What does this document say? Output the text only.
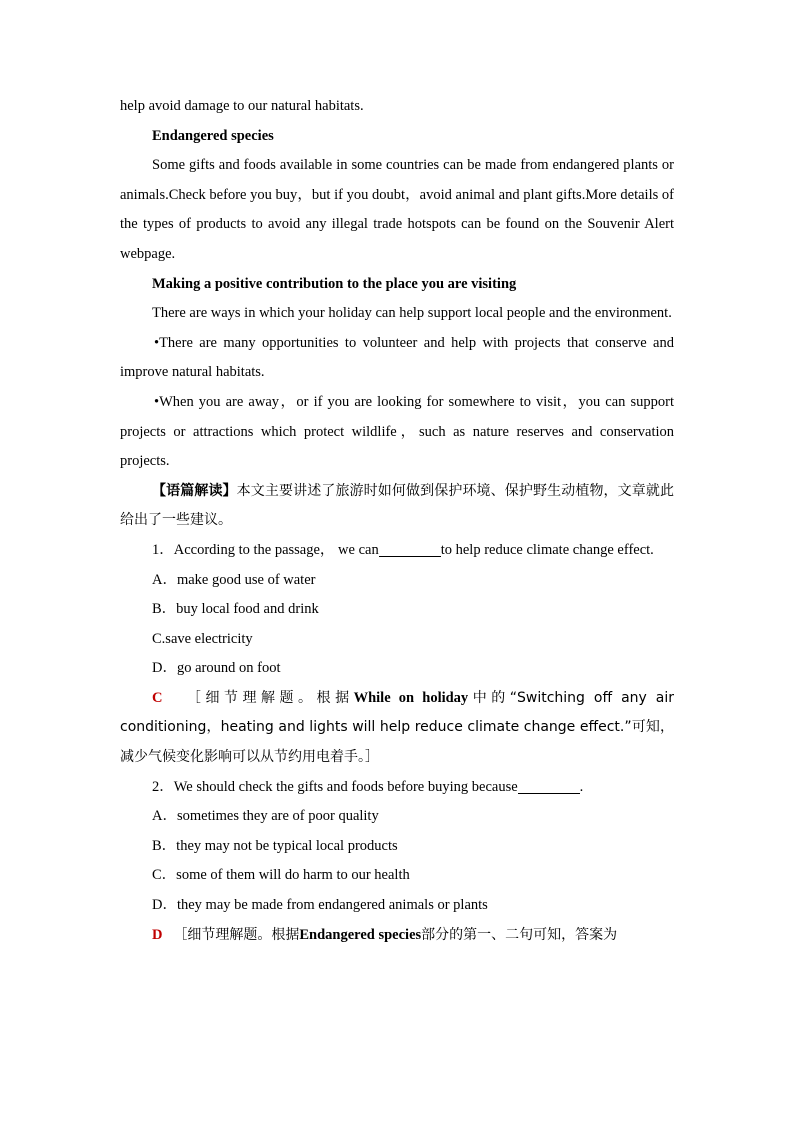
help avoid damage to our natural habitats.

Endangered species

Some gifts and foods available in some countries can be made from endangered plants or animals.Check before you buy，but if you doubt，avoid animal and plant gifts.More details of the types of products to avoid any illegal trade hotspots can be found on the Souvenir Alert webpage.

Making a positive contribution to the place you are visiting

There are ways in which your holiday can help support local people and the environment.

•There are many opportunities to volunteer and help with projects that conserve and improve natural habitats.

•When you are away，or if you are looking for somewhere to visit，you can support projects or attractions which protect wildlife，such as nature reserves and conservation projects.

【语篇解读】本文主要讲述了旅游时如何做到保护环境、保护野生动植物，文章就此给出了一些建议。

1．According to the passage， we can	to help reduce climate change effect.

A．make good use of water

B．buy local food and drink

C.save electricity

D．go around on foot

C ［细节理解题。根据While on holiday中的“Switching off any air conditioning，heating and lights will help reduce climate change effect.”可知，减少气候变化影响可以从节约用电着手。］

2．We should check the gifts and foods before buying because	.

A．sometimes they are of poor quality

B．they may not be typical local products

C．some of them will do harm to our health

D．they may be made from endangered animals or plants

D ［细节理解题。根据Endangered species部分的第一、二句可知，答案为
